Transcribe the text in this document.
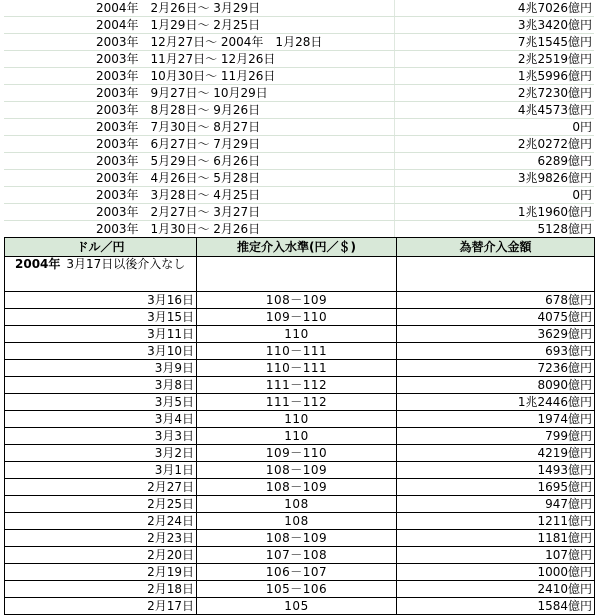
2004年　2月26日～ 3月29日	4兆7026億円
2004年　1月29日～ 2月25日	3兆3420億円
2003年　12月27日～ 2004年　1月28日	7兆1545億円
2003年　11月27日～ 12月26日	2兆2519億円
2003年　10月30日～ 11月26日	1兆5996億円
2003年　9月27日～ 10月29日	2兆7230億円
2003年　8月28日～ 9月26日	4兆4573億円
2003年　7月30日～ 8月27日	0円
2003年　6月27日～ 7月29日	2兆0272億円
2003年　5月29日～ 6月26日	6289億円
2003年　4月26日～ 5月28日	3兆9826億円
2003年　3月28日～ 4月25日	0円
2003年　2月27日～ 3月27日	1兆1960億円
2003年　1月30日～ 2月26日	5128億円
ドル／円	推定介入水準(円／＄)	為替介入金額
2004年 3月17日以後介入なし		
3月16日	108－109	678億円
3月15日	109－110	4075億円
3月11日	110	3629億円
3月10日	110－111	693億円
3月9日	110－111	7236億円
3月8日	111－112	8090億円
3月5日	111－112	1兆2446億円
3月4日	110	1974億円
3月3日	110	799億円
3月2日	109－110	4219億円
3月1日	108－109	1493億円
2月27日	108－109	1695億円
2月25日	108	947億円
2月24日	108	1211億円
2月23日	108－109	1181億円
2月20日	107－108	107億円
2月19日	106－107	1000億円
2月18日	105－106	2410億円
2月17日	105	1584億円
